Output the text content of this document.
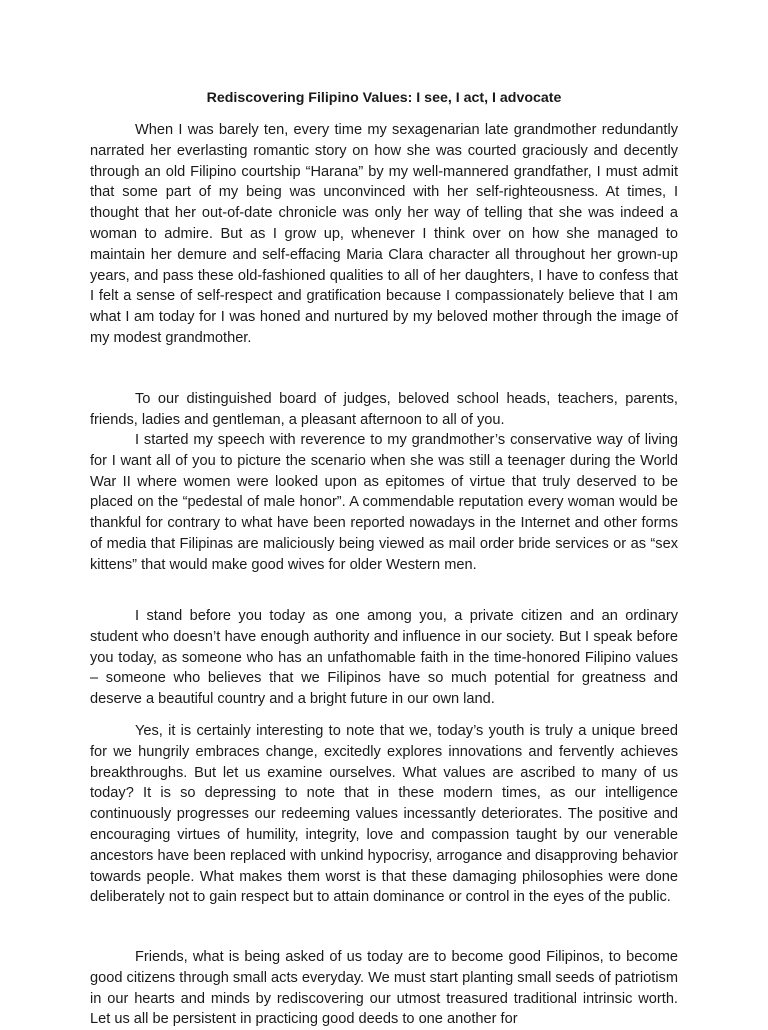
Rediscovering Filipino Values: I see, I act, I advocate

When I was barely ten, every time my sexagenarian late grandmother redundantly narrated her everlasting romantic story on how she was courted graciously and decently through an old Filipino courtship “Harana” by my well-mannered grandfather, I must admit that some part of my being was unconvinced with her self-righteousness. At times, I thought that her out-of-date chronicle was only her way of telling that she was indeed a woman to admire. But as I grow up, whenever I think over on how she managed to maintain her demure and self-effacing Maria Clara character all throughout her grown-up years, and pass these old-fashioned qualities to all of her daughters, I have to confess that I felt a sense of self-respect and gratification because I compassionately believe that I am what I am today for I was honed and nurtured by my beloved mother through the image of my modest grandmother.

To our distinguished board of judges, beloved school heads, teachers, parents, friends, ladies and gentleman, a pleasant afternoon to all of you.

I started my speech with reverence to my grandmother’s conservative way of living for I want all of you to picture the scenario when she was still a teenager during the World War II where women were looked upon as epitomes of virtue that truly deserved to be placed on the “pedestal of male honor”. A commendable reputation every woman would be thankful for contrary to what have been reported nowadays in the Internet and other forms of media that Filipinas are maliciously being viewed as mail order bride services or as “sex kittens” that would make good wives for older Western men.

I stand before you today as one among you, a private citizen and an ordinary student who doesn’t have enough authority and influence in our society. But I speak before you today, as someone who has an unfathomable faith in the time-honored Filipino values – someone who believes that we Filipinos have so much potential for greatness and deserve a beautiful country and a bright future in our own land.

Yes, it is certainly interesting to note that we, today’s youth is truly a unique breed for we hungrily embraces change, excitedly explores innovations and fervently achieves breakthroughs. But let us examine ourselves. What values are ascribed to many of us today? It is so depressing to note that in these modern times, as our intelligence continuously progresses our redeeming values incessantly deteriorates. The positive and encouraging virtues of humility, integrity, love and compassion taught by our venerable ancestors have been replaced with unkind hypocrisy, arrogance and disapproving behavior towards people. What makes them worst is that these damaging philosophies were done deliberately not to gain respect but to attain dominance or control in the eyes of the public.

Friends, what is being asked of us today are to become good Filipinos, to become good citizens through small acts everyday. We must start planting small seeds of patriotism in our hearts and minds by rediscovering our utmost treasured traditional intrinsic worth. Let us all be persistent in practicing good deeds to one another for
